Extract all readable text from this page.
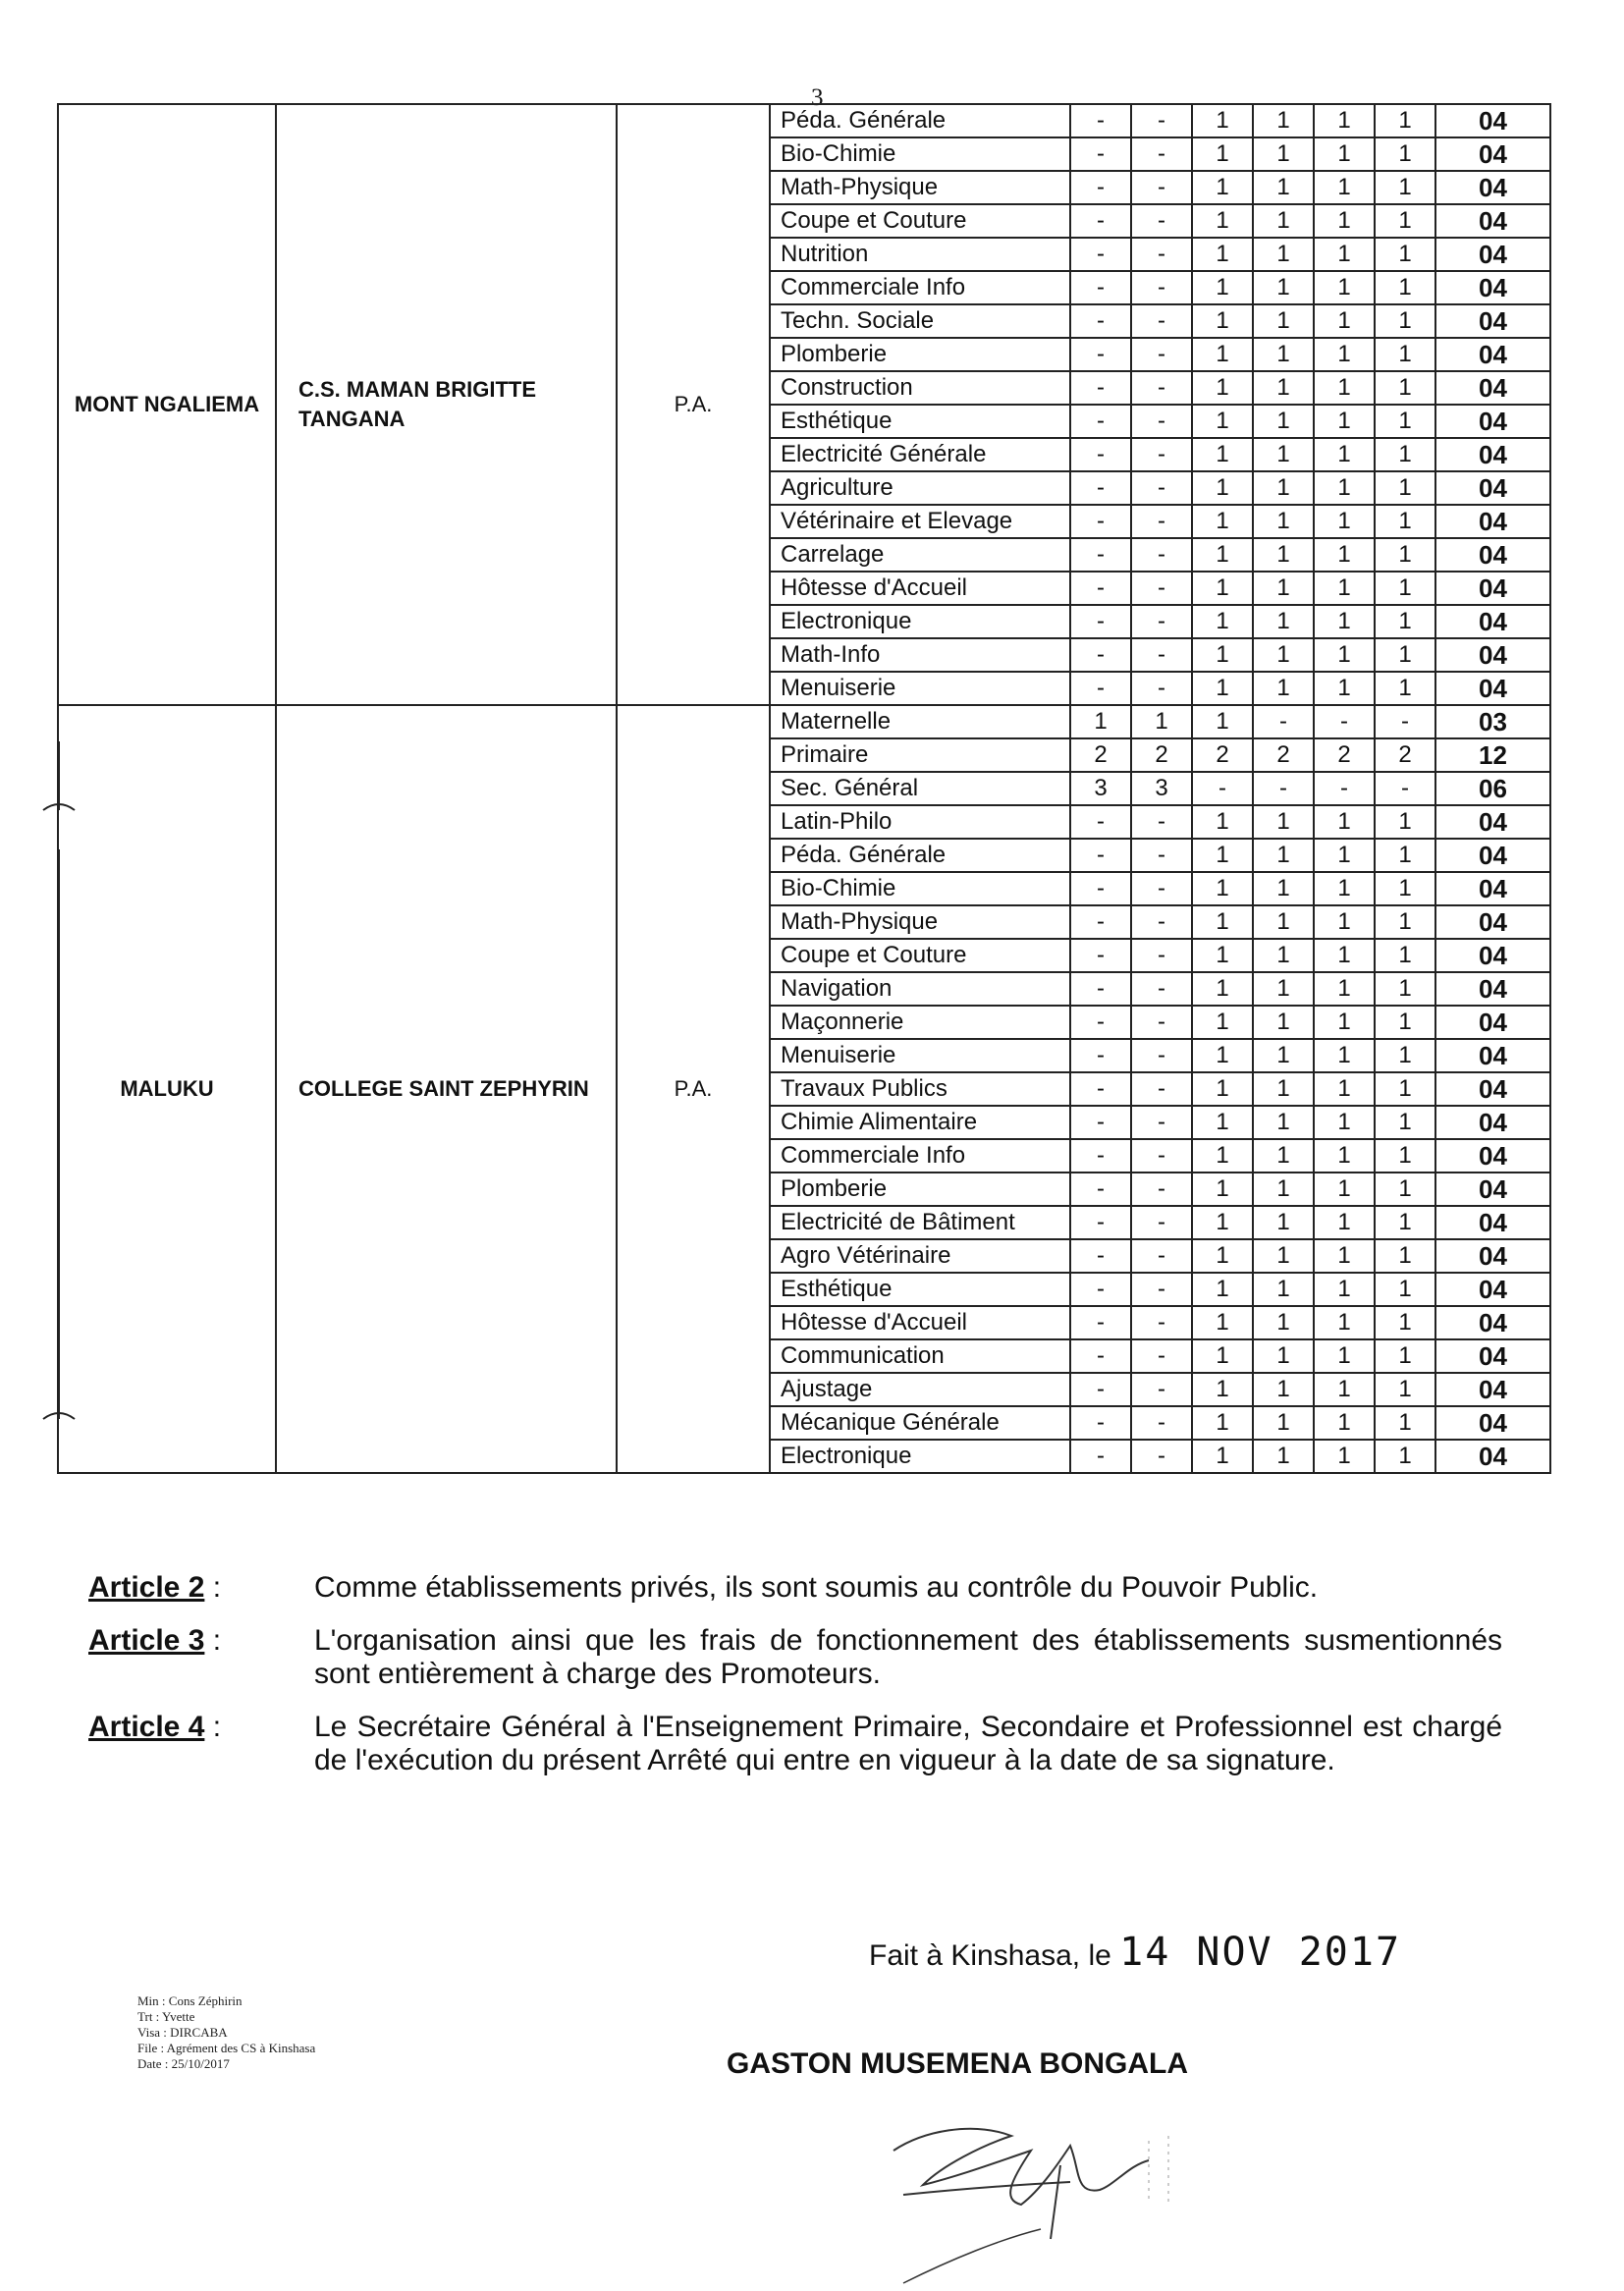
3
MONT NGALIEMA	C.S. MAMAN BRIGITTE TANGANA	P.A.	Péda. Générale	-	-	1	1	1	1	04
			Bio-Chimie	-	-	1	1	1	1	04
			Math-Physique	-	-	1	1	1	1	04
			Coupe et Couture	-	-	1	1	1	1	04
			Nutrition	-	-	1	1	1	1	04
			Commerciale Info	-	-	1	1	1	1	04
			Techn. Sociale	-	-	1	1	1	1	04
			Plomberie	-	-	1	1	1	1	04
			Construction	-	-	1	1	1	1	04
			Esthétique	-	-	1	1	1	1	04
			Electricité Générale	-	-	1	1	1	1	04
			Agriculture	-	-	1	1	1	1	04
			Vétérinaire et Elevage	-	-	1	1	1	1	04
			Carrelage	-	-	1	1	1	1	04
			Hôtesse d'Accueil	-	-	1	1	1	1	04
			Electronique	-	-	1	1	1	1	04
			Math-Info	-	-	1	1	1	1	04
			Menuiserie	-	-	1	1	1	1	04
MALUKU	COLLEGE SAINT ZEPHYRIN	P.A.	Maternelle	1	1	1	-	-	-	03
			Primaire	2	2	2	2	2	2	12
			Sec. Général	3	3	-	-	-	-	06
			Latin-Philo	-	-	1	1	1	1	04
			Péda. Générale	-	-	1	1	1	1	04
			Bio-Chimie	-	-	1	1	1	1	04
			Math-Physique	-	-	1	1	1	1	04
			Coupe et Couture	-	-	1	1	1	1	04
			Navigation	-	-	1	1	1	1	04
			Maçonnerie	-	-	1	1	1	1	04
			Menuiserie	-	-	1	1	1	1	04
			Travaux Publics	-	-	1	1	1	1	04
			Chimie Alimentaire	-	-	1	1	1	1	04
			Commerciale Info	-	-	1	1	1	1	04
			Plomberie	-	-	1	1	1	1	04
			Electricité de Bâtiment	-	-	1	1	1	1	04
			Agro Vétérinaire	-	-	1	1	1	1	04
			Esthétique	-	-	1	1	1	1	04
			Hôtesse d'Accueil	-	-	1	1	1	1	04
			Communication	-	-	1	1	1	1	04
			Ajustage	-	-	1	1	1	1	04
			Mécanique Générale	-	-	1	1	1	1	04
			Electronique	-	-	1	1	1	1	04
Article 2 :	Comme établissements privés, ils sont soumis au contrôle du Pouvoir Public.
Article 3 :	L'organisation ainsi que les frais de fonctionnement des établissements susmentionnés sont entièrement à charge des Promoteurs.
Article 4 :	Le Secrétaire Général à l'Enseignement Primaire, Secondaire et Professionnel est chargé de l'exécution du présent Arrêté qui entre en vigueur à la date de sa signature.
Fait à Kinshasa, le 14 NOV 2017
Min : Cons Zéphirin
Trt : Yvette
Visa : DIRCABA
File : Agrément des CS à Kinshasa
Date : 25/10/2017	GASTON MUSEMENA BONGALA
